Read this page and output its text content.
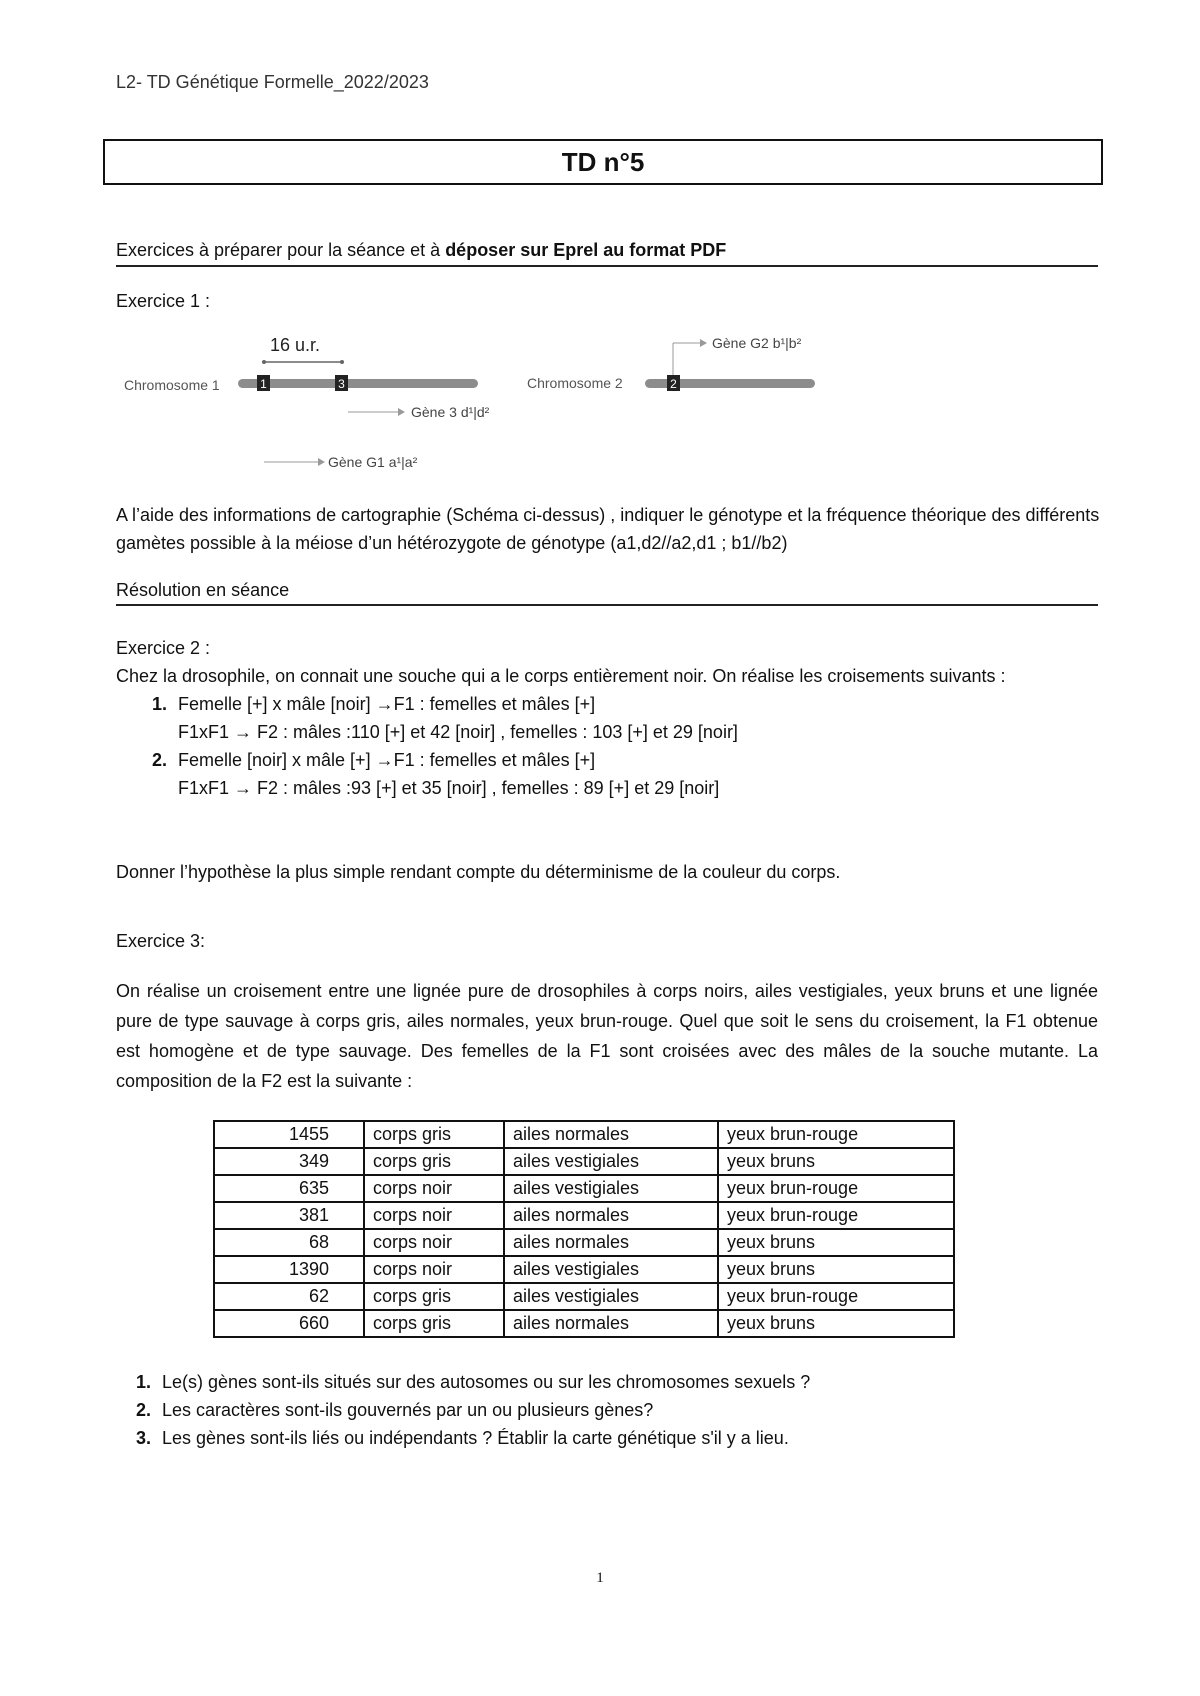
L2- TD Génétique Formelle_2022/2023
TD n°5
Exercices à préparer pour la séance et à déposer sur Eprel au format PDF
Exercice 1 :
16 u.r.
Chromosome 1	1	3
Gène 3 d¹|d²
Gène G1 a¹|a²
Chromosome 2	2
Gène G2 b¹|b²
A l’aide des informations de cartographie (Schéma ci-dessus) , indiquer le génotype et la fréquence théorique des différents gamètes possible à la méiose d’un hétérozygote de génotype (a1,d2//a2,d1 ; b1//b2)
Résolution en séance
Exercice 2 :
Chez la drosophile, on connait une souche qui a le corps entièrement noir. On réalise les croisements suivants :
1. Femelle [+] x mâle [noir] →F1 : femelles et mâles [+]
F1xF1 → F2 : mâles :110 [+] et 42 [noir] , femelles : 103 [+] et 29 [noir]
2. Femelle [noir] x mâle [+] →F1 : femelles et mâles [+]
F1xF1 → F2 : mâles :93 [+] et 35 [noir] , femelles : 89 [+] et 29 [noir]
Donner l’hypothèse la plus simple rendant compte du déterminisme de la couleur du corps.
Exercice 3:
On réalise un croisement entre une lignée pure de drosophiles à corps noirs, ailes vestigiales, yeux bruns et une lignée pure de type sauvage à corps gris, ailes normales, yeux brun-rouge. Quel que soit le sens du croisement, la F1 obtenue est homogène et de type sauvage. Des femelles de la F1 sont croisées avec des mâles de la souche mutante. La composition de la F2 est la suivante :
1455	corps gris	ailes normales	yeux brun-rouge
349	corps gris	ailes vestigiales	yeux bruns
635	corps noir	ailes vestigiales	yeux brun-rouge
381	corps noir	ailes normales	yeux brun-rouge
68	corps noir	ailes normales	yeux bruns
1390	corps noir	ailes vestigiales	yeux bruns
62	corps gris	ailes vestigiales	yeux brun-rouge
660	corps gris	ailes normales	yeux bruns
1. Le(s) gènes sont-ils situés sur des autosomes ou sur les chromosomes sexuels ?
2. Les caractères sont-ils gouvernés par un ou plusieurs gènes?
3. Les gènes sont-ils liés ou indépendants ? Établir la carte génétique s'il y a lieu.
1
